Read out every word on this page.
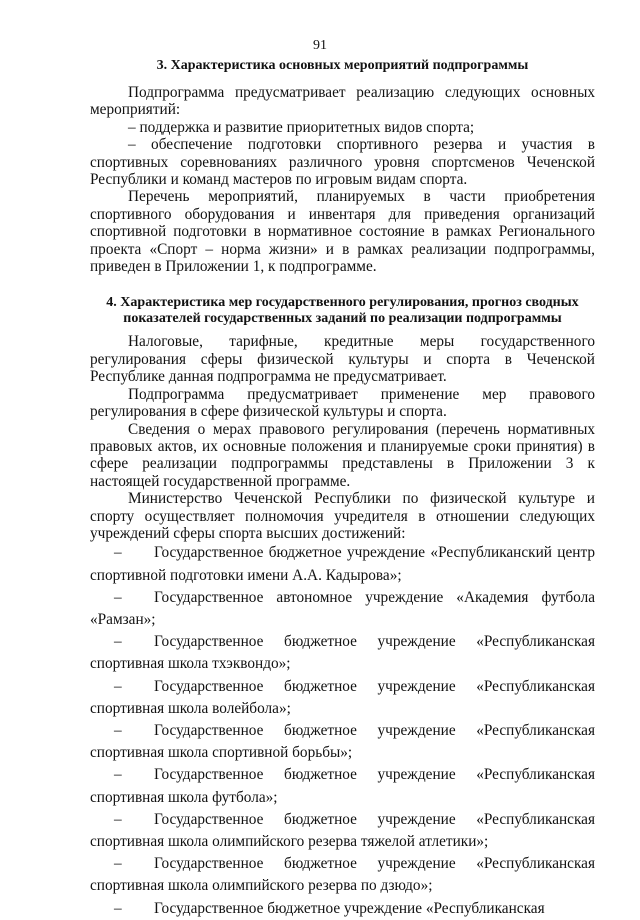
91
3. Характеристика основных мероприятий подпрограммы

Подпрограмма предусматривает реализацию следующих основных мероприятий:

– поддержка и развитие приоритетных видов спорта;

– обеспечение подготовки спортивного резерва и участия в спортивных соревнованиях различного уровня спортсменов Чеченской Республики и команд мастеров по игровым видам спорта.

Перечень мероприятий, планируемых в части приобретения спортивного оборудования и инвентаря для приведения организаций спортивной подготовки в нормативное состояние в рамках Регионального проекта «Спорт – норма жизни» и в рамках реализации подпрограммы, приведен в Приложении 1, к подпрограмме.

4. Характеристика мер государственного регулирования, прогноз сводных показателей государственных заданий по реализации подпрограммы

Налоговые, тарифные, кредитные меры государственного регулирования сферы физической культуры и спорта в Чеченской Республике данная подпрограмма не предусматривает.

Подпрограмма предусматривает применение мер правового регулирования в сфере физической культуры и спорта.

Сведения о мерах правового регулирования (перечень нормативных правовых актов, их основные положения и планируемые сроки принятия) в сфере реализации подпрограммы представлены в Приложении 3 к настоящей государственной программе.

Министерство Чеченской Республики по физической культуре и спорту осуществляет полномочия учредителя в отношении следующих учреждений сферы спорта высших достижений:

– Государственное бюджетное учреждение «Республиканский центр спортивной подготовки имени А.А. Кадырова»;
– Государственное автономное учреждение «Академия футбола «Рамзан»;
– Государственное бюджетное учреждение «Республиканская спортивная школа тхэквондо»;
– Государственное бюджетное учреждение «Республиканская спортивная школа волейбола»;
– Государственное бюджетное учреждение «Республиканская спортивная школа спортивной борьбы»;
– Государственное бюджетное учреждение «Республиканская спортивная школа футбола»;
– Государственное бюджетное учреждение «Республиканская спортивная школа олимпийского резерва тяжелой атлетики»;
– Государственное бюджетное учреждение «Республиканская спортивная школа олимпийского резерва по дзюдо»;
– Государственное бюджетное учреждение «Республиканская
